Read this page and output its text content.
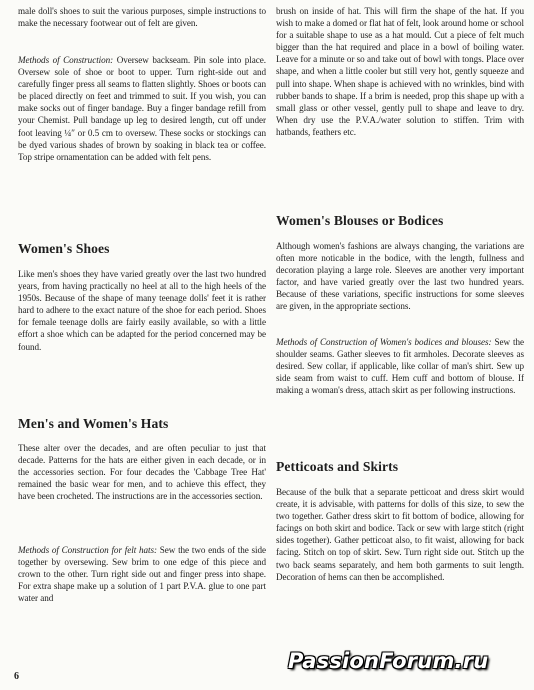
male doll's shoes to suit the various purposes, simple instructions to make the necessary footwear out of felt are given.

Methods of Construction: Oversew backseam. Pin sole into place. Oversew sole of shoe or boot to upper. Turn right-side out and carefully finger press all seams to flatten slightly. Shoes or boots can be placed directly on feet and trimmed to suit. If you wish, you can make socks out of finger bandage. Buy a finger bandage refill from your Chemist. Pull bandage up leg to desired length, cut off under foot leaving ¼″ or 0.5 cm to oversew. These socks or stockings can be dyed various shades of brown by soaking in black tea or coffee. Top stripe ornamentation can be added with felt pens.

Women's Shoes

Like men's shoes they have varied greatly over the last two hundred years, from having practically no heel at all to the high heels of the 1950s. Because of the shape of many teenage dolls' feet it is rather hard to adhere to the exact nature of the shoe for each period. Shoes for female teenage dolls are fairly easily available, so with a little effort a shoe which can be adapted for the period concerned may be found.

Men's and Women's Hats

These alter over the decades, and are often peculiar to just that decade. Patterns for the hats are either given in each decade, or in the accessories section. For four decades the 'Cabbage Tree Hat' remained the basic wear for men, and to achieve this effect, they have been crocheted. The instructions are in the accessories section.

Methods of Construction for felt hats: Sew the two ends of the side together by oversewing. Sew brim to one edge of this piece and crown to the other. Turn right side out and finger press into shape. For extra shape make up a solution of 1 part P.V.A. glue to one part water and

brush on inside of hat. This will firm the shape of the hat. If you wish to make a domed or flat hat of felt, look around home or school for a suitable shape to use as a hat mould. Cut a piece of felt much bigger than the hat required and place in a bowl of boiling water. Leave for a minute or so and take out of bowl with tongs. Place over shape, and when a little cooler but still very hot, gently squeeze and pull into shape. When shape is achieved with no wrinkles, bind with rubber bands to shape. If a brim is needed, prop this shape up with a small glass or other vessel, gently pull to shape and leave to dry. When dry use the P.V.A./water solution to stiffen. Trim with hatbands, feathers etc.

Women's Blouses or Bodices

Although women's fashions are always changing, the variations are often more noticable in the bodice, with the length, fullness and decoration playing a large role. Sleeves are another very important factor, and have varied greatly over the last two hundred years. Because of these variations, specific instructions for some sleeves are given, in the appropriate sections.

Methods of Construction of Women's bodices and blouses: Sew the shoulder seams. Gather sleeves to fit armholes. Decorate sleeves as desired. Sew collar, if applicable, like collar of man's shirt. Sew up side seam from waist to cuff. Hem cuff and bottom of blouse. If making a woman's dress, attach skirt as per following instructions.

Petticoats and Skirts

Because of the bulk that a separate petticoat and dress skirt would create, it is advisable, with patterns for dolls of this size, to sew the two together. Gather dress skirt to fit bottom of bodice, allowing for facings on both skirt and bodice. Tack or sew with large stitch (right sides together). Gather petticoat also, to fit waist, allowing for back facing. Stitch on top of skirt. Sew. Turn right side out. Stitch up the two back seams separately, and hem both garments to suit length. Decoration of hems can then be accomplished.

6

PassionForum.ru
